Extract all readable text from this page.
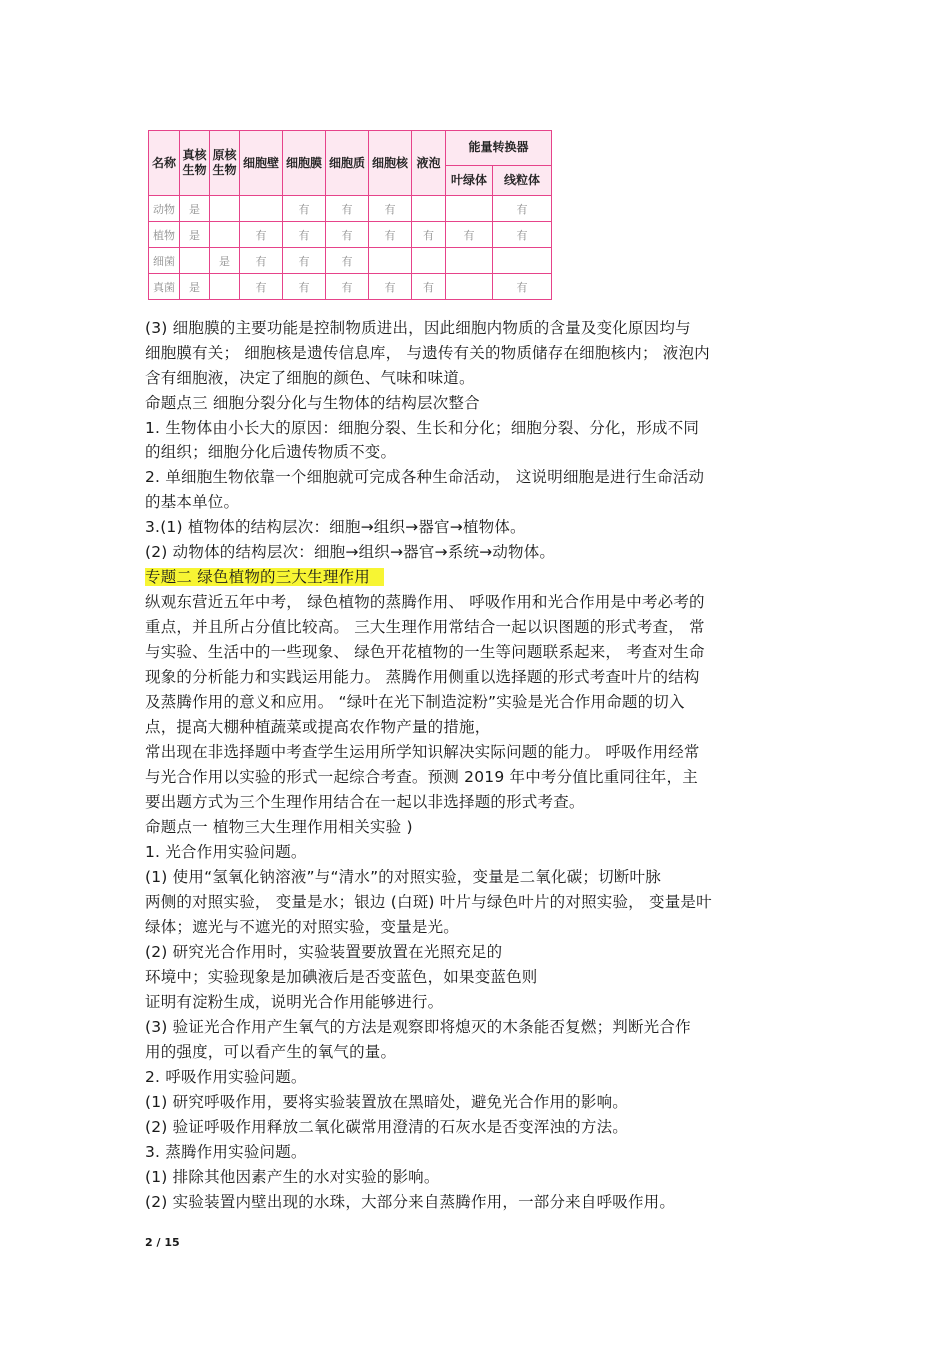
名称	真核生物	原核生物	细胞壁	细胞膜	细胞质	细胞核	液泡	能量转换器	
								叶绿体	线粒体
动物	是			有	有	有			有
植物	是		有	有	有	有	有	有	有
细菌		是	有	有	有				
真菌	是		有	有	有	有	有		有
(3) 细胞膜的主要功能是控制物质进出，因此细胞内物质的含量及变化原因均与
细胞膜有关； 细胞核是遗传信息库， 与遗传有关的物质储存在细胞核内； 液泡内
含有细胞液，决定了细胞的颜色、气味和味道。
命题点三 细胞分裂分化与生物体的结构层次整合
1. 生物体由小长大的原因：细胞分裂、生长和分化；细胞分裂、分化，形成不同
的组织；细胞分化后遗传物质不变。
2. 单细胞生物依靠一个细胞就可完成各种生命活动， 这说明细胞是进行生命活动
的基本单位。
3.(1) 植物体的结构层次：细胞→组织→器官→植物体。
(2) 动物体的结构层次：细胞→组织→器官→系统→动物体。
专题二 绿色植物的三大生理作用
纵观东营近五年中考， 绿色植物的蒸腾作用、 呼吸作用和光合作用是中考必考的
重点，并且所占分值比较高。 三大生理作用常结合一起以识图题的形式考查， 常
与实验、生活中的一些现象、 绿色开花植物的一生等问题联系起来， 考查对生命
现象的分析能力和实践运用能力。 蒸腾作用侧重以选择题的形式考查叶片的结构
及蒸腾作用的意义和应用。 “绿叶在光下制造淀粉”实验是光合作用命题的切入
点，提高大棚种植蔬菜或提高农作物产量的措施，
常出现在非选择题中考查学生运用所学知识解决实际问题的能力。 呼吸作用经常
与光合作用以实验的形式一起综合考查。预测 2019 年中考分值比重同往年，主
要出题方式为三个生理作用结合在一起以非选择题的形式考查。
命题点一 植物三大生理作用相关实验 )
1. 光合作用实验问题。
(1) 使用“氢氧化钠溶液”与“清水”的对照实验，变量是二氧化碳；切断叶脉
两侧的对照实验， 变量是水；银边 (白斑) 叶片与绿色叶片的对照实验， 变量是叶
绿体；遮光与不遮光的对照实验，变量是光。
(2) 研究光合作用时，实验装置要放置在光照充足的
环境中；实验现象是加碘液后是否变蓝色，如果变蓝色则
证明有淀粉生成，说明光合作用能够进行。
(3) 验证光合作用产生氧气的方法是观察即将熄灭的木条能否复燃；判断光合作
用的强度，可以看产生的氧气的量。
2. 呼吸作用实验问题。
(1) 研究呼吸作用，要将实验装置放在黑暗处，避免光合作用的影响。
(2) 验证呼吸作用释放二氧化碳常用澄清的石灰水是否变浑浊的方法。
3. 蒸腾作用实验问题。
(1) 排除其他因素产生的水对实验的影响。
(2) 实验装置内壁出现的水珠，大部分来自蒸腾作用，一部分来自呼吸作用。
2 / 15
